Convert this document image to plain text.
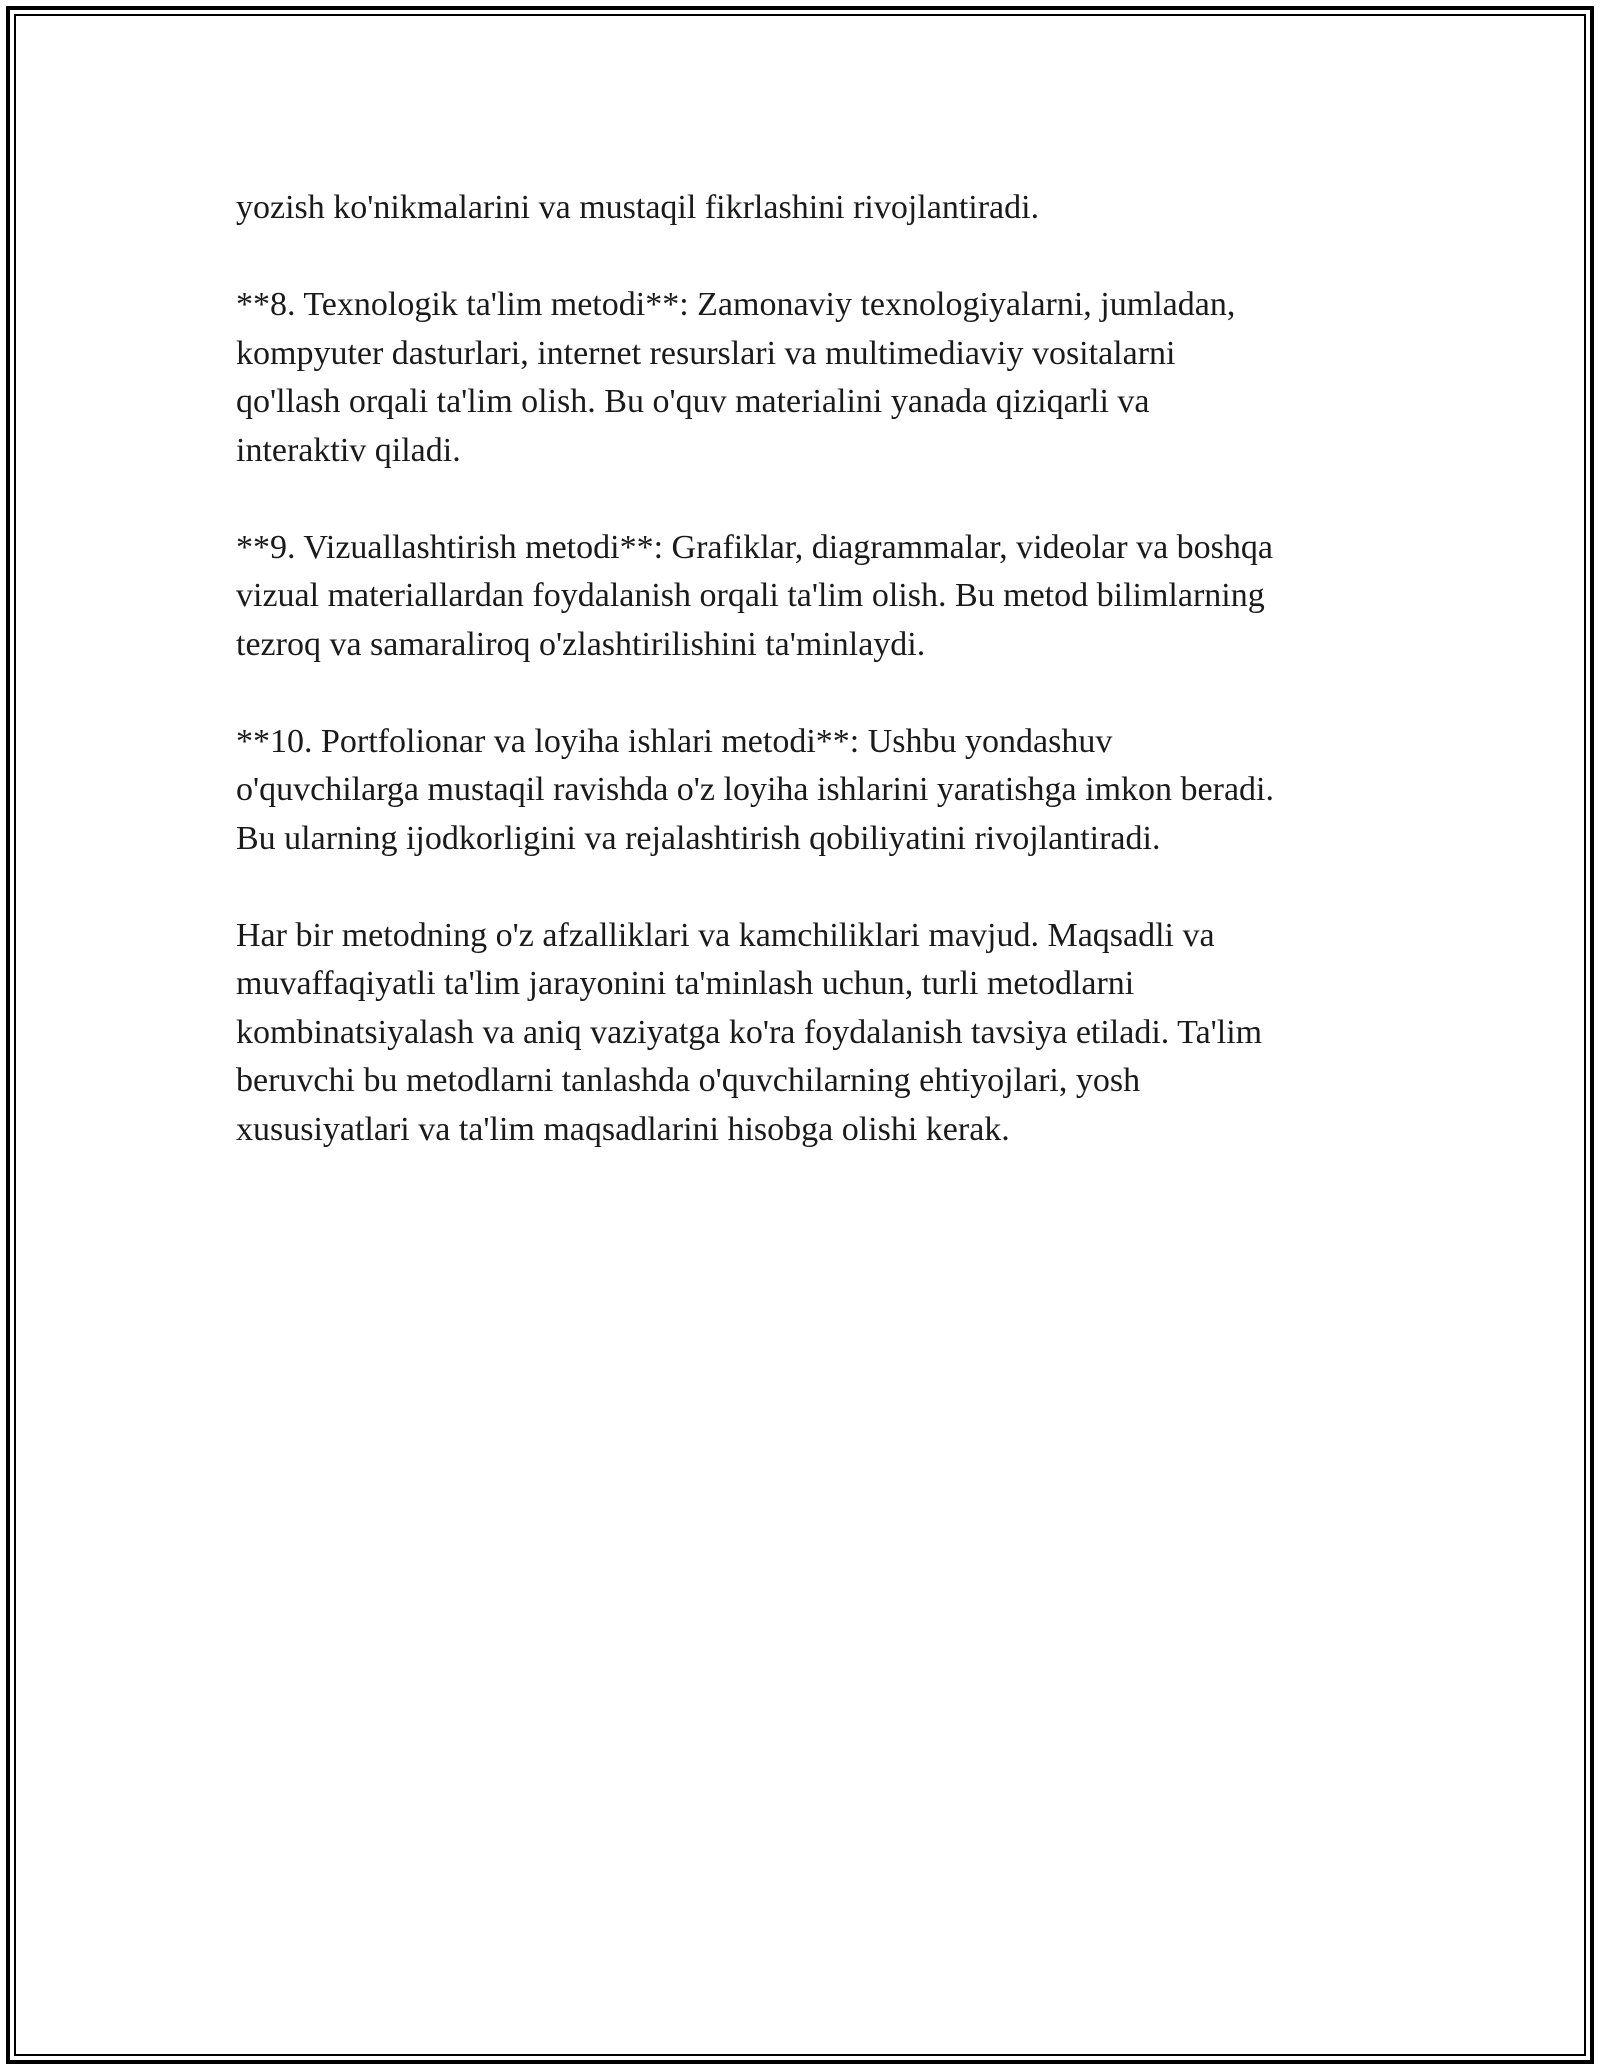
yozish ko'nikmalarini va mustaqil fikrlashini rivojlantiradi.

**8. Texnologik ta'lim metodi**: Zamonaviy texnologiyalarni, jumladan,
kompyuter dasturlari, internet resurslari va multimediaviy vositalarni
qo'llash orqali ta'lim olish. Bu o'quv materialini yanada qiziqarli va
interaktiv qiladi.

**9. Vizuallashtirish metodi**: Grafiklar, diagrammalar, videolar va boshqa
vizual materiallardan foydalanish orqali ta'lim olish. Bu metod bilimlarning
tezroq va samaraliroq o'zlashtirilishini ta'minlaydi.

**10. Portfolionar va loyiha ishlari metodi**: Ushbu yondashuv
o'quvchilarga mustaqil ravishda o'z loyiha ishlarini yaratishga imkon beradi.
Bu ularning ijodkorligini va rejalashtirish qobiliyatini rivojlantiradi.

Har bir metodning o'z afzalliklari va kamchiliklari mavjud. Maqsadli va
muvaffaqiyatli ta'lim jarayonini ta'minlash uchun, turli metodlarni
kombinatsiyalash va aniq vaziyatga ko'ra foydalanish tavsiya etiladi. Ta'lim
beruvchi bu metodlarni tanlashda o'quvchilarning ehtiyojlari, yosh
xususiyatlari va ta'lim maqsadlarini hisobga olishi kerak.
